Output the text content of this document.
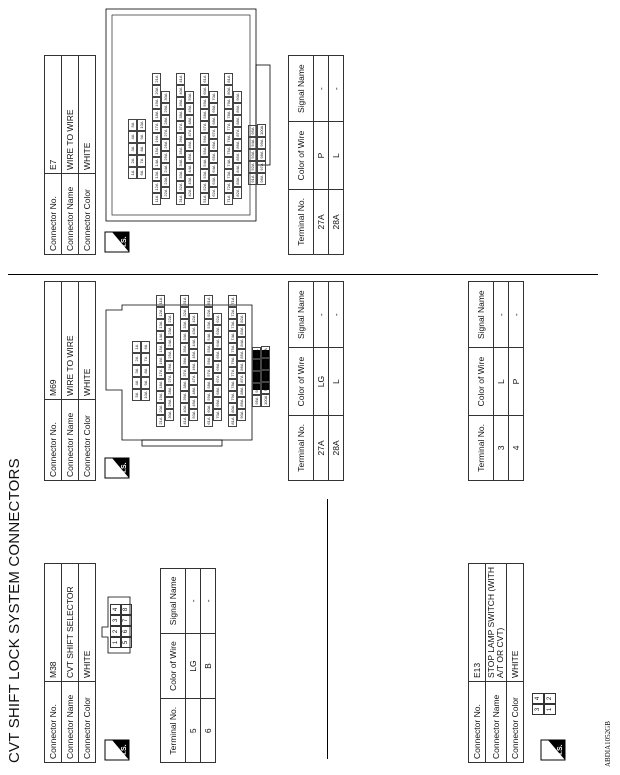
CVT SHIFT LOCK SYSTEM CONNECTORS	Connector No.	M38
Connector Name	CVT SHIFT SELECTOR
Connector Color	WHITE
H.S.
1
2
3
4
5
6
7
8
Terminal No.	Color of Wire	Signal Name
5	LG	-
6	B	-
Connector No.	E13
Connector Name	STOP LAMP SWITCH (WITH A/T OR CVT)
Connector Color	WHITE
H.S.
3
4
1
2
Connector No.	M69
Connector Name	WIRE TO WIRE
Connector Color	WHITE
H.S.
5A
4A
3A
2A
1A
10A
9A
8A
7A
6A
21A
20A
19A
18A
17A
16A
15A
14A
13A
12A
11A
30A
29A
28A
27A
26A
25A
24A
23A
22A
41A
40A
39A
38A
37A
36A
35A
34A
33A
32A
31A
50A
49A
48A
47A
46A
45A
44A
43A
42A
61A
60A
59A
58A
57A
56A
55A
54A
53A
52A
51A
70A
69A
68A
67A
66A
65A
64A
63A
62A
81A
80A
79A
78A
77A
76A
75A
74A
73A
72A
71A
90A
89A
88A
87A
86A
85A
84A
83A
82A
95A
94A
93A
92A
91A
100A
99A
98A
97A
96A
Terminal No.	Color of Wire	Signal Name
27A	LG	-
28A	L	-
Terminal No.	Color of Wire	Signal Name
3	L	-
4	P	-
Connector No.	E7
Connector Name	WIRE TO WIRE
Connector Color	WHITE
H.S.
1A
2A
3A
4A
5A
6A
7A
8A
9A
10A
11A
12A
13A
14A
15A
16A
17A
18A
19A
20A
21A
22A
23A
24A
25A
26A
27A
28A
29A
30A
31A
32A
33A
34A
35A
36A
37A
38A
39A
40A
41A
42A
43A
44A
45A
46A
47A
48A
49A
50A
51A
52A
53A
54A
55A
56A
57A
58A
59A
60A
61A
62A
63A
64A
65A
66A
67A
68A
69A
70A
71A
72A
73A
74A
75A
76A
77A
78A
79A
80A
81A
82A
83A
84A
85A
86A
87A
88A
89A
90A
91A
92A
93A
94A
95A
96A
97A
98A
99A
100A
Terminal No.	Color of Wire	Signal Name
27A	P	-
28A	L	-
ABDIA1052GB
